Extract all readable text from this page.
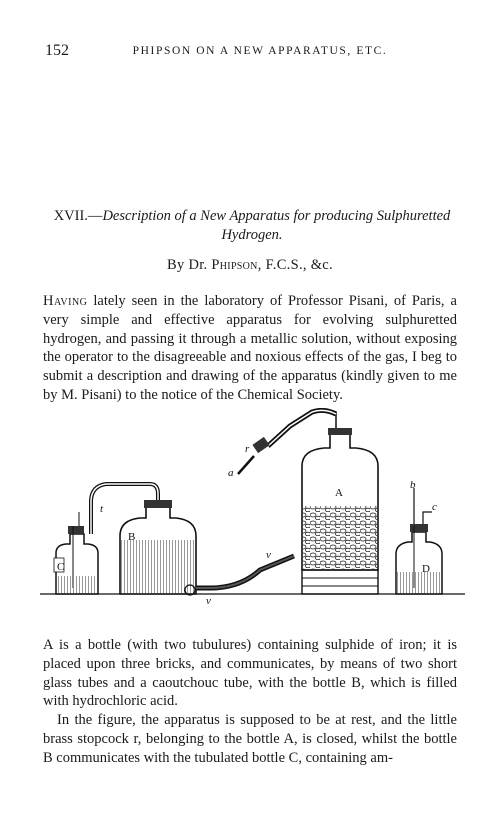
152	PHIPSON ON A NEW APPARATUS, ETC.
XVII.—Description of a New Apparatus for producing Sulphuretted Hydrogen.
By Dr. Phipson, F.C.S., &c.
Having lately seen in the laboratory of Professor Pisani, of Paris, a very simple and effective apparatus for evolving sulphuretted hydrogen, and passing it through a metallic solution, without exposing the operator to the disagreeable and noxious effects of the gas, I beg to submit a description and drawing of the apparatus (kindly given to me by M. Pisani) to the notice of the Chemical Society.
C
t
B
v
v
A
r
a
D
b
c
A is a bottle (with two tubulures) containing sulphide of iron; it is placed upon three bricks, and communicates, by means of two short glass tubes and a caoutchouc tube, with the bottle B, which is filled with hydrochloric acid.
In the figure, the apparatus is supposed to be at rest, and the little brass stopcock r, belonging to the bottle A, is closed, whilst the bottle B communicates with the tubulated bottle C, containing am-
